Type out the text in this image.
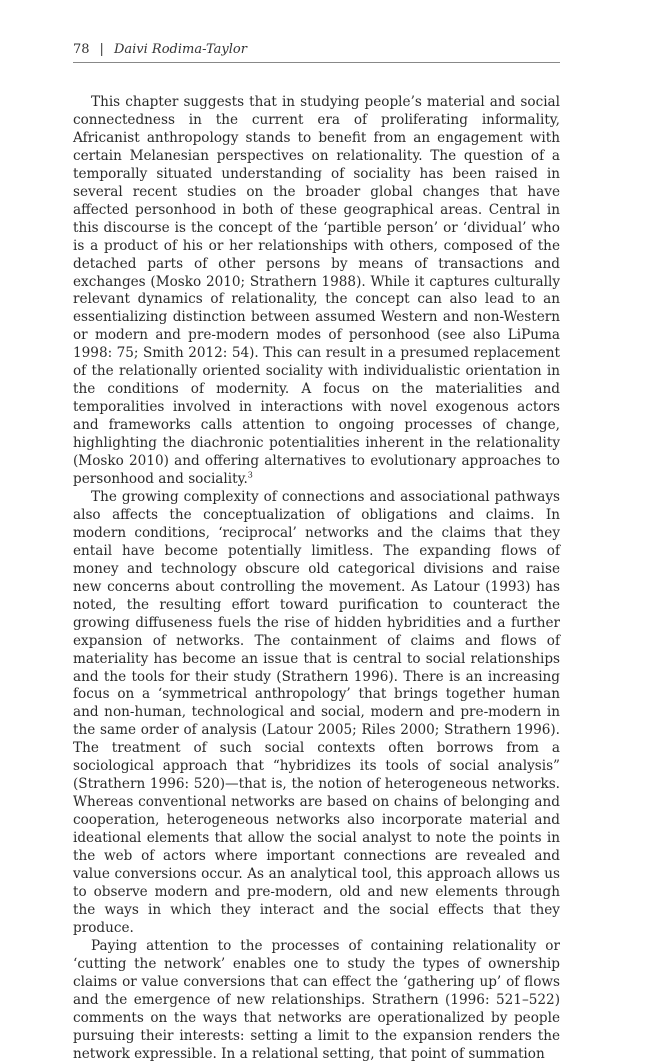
78 | Daivi Rodima-Taylor

This chapter suggests that in studying people’s material and social connectedness in the current era of proliferating informality, Africanist anthropology stands to benefit from an engagement with certain Melanesian perspectives on relationality. The question of a temporally situated understanding of sociality has been raised in several recent studies on the broader global changes that have affected personhood in both of these geographical areas. Central in this discourse is the concept of the ‘partible person’ or ‘dividual’ who is a product of his or her relationships with others, composed of the detached parts of other persons by means of transactions and exchanges (Mosko 2010; Strathern 1988). While it captures culturally relevant dynamics of relationality, the concept can also lead to an essentializing distinction between assumed Western and non-Western or modern and pre-modern modes of personhood (see also LiPuma 1998: 75; Smith 2012: 54). This can result in a presumed replacement of the relationally oriented sociality with individualistic orientation in the conditions of modernity. A focus on the materialities and temporalities involved in interactions with novel exogenous actors and frameworks calls attention to ongoing processes of change, highlighting the diachronic potentialities inherent in the relationality (Mosko 2010) and offering alternatives to evolutionary approaches to personhood and sociality.$^3$

The growing complexity of connections and associational pathways also affects the conceptualization of obligations and claims. In modern conditions, ‘reciprocal’ networks and the claims that they entail have become potentially limitless. The expanding flows of money and technology obscure old categorical divisions and raise new concerns about controlling the movement. As Latour (1993) has noted, the resulting effort toward purification to counteract the growing diffuseness fuels the rise of hidden hybridities and a further expansion of networks. The containment of claims and flows of materiality has become an issue that is central to social relationships and the tools for their study (Strathern 1996). There is an increasing focus on a ‘symmetrical anthropology’ that brings together human and non-human, technological and social, modern and pre-modern in the same order of analysis (Latour 2005; Riles 2000; Strathern 1996). The treatment of such social contexts often borrows from a sociological approach that “hybridizes its tools of social analysis” (Strathern 1996: 520)—that is, the notion of heterogeneous networks. Whereas conventional networks are based on chains of belonging and cooperation, heterogeneous networks also incorporate material and ideational elements that allow the social analyst to note the points in the web of actors where important connections are revealed and value conversions occur. As an analytical tool, this approach allows us to observe modern and pre-modern, old and new elements through the ways in which they interact and the social effects that they produce.

Paying attention to the processes of containing relationality or ‘cutting the network’ enables one to study the types of ownership claims or value conversions that can effect the ‘gathering up’ of flows and the emergence of new relationships. Strathern (1996: 521–522) comments on the ways that networks are operationalized by people pursuing their interests: setting a limit to the expansion renders the network expressible. In a relational setting, that point of summation
